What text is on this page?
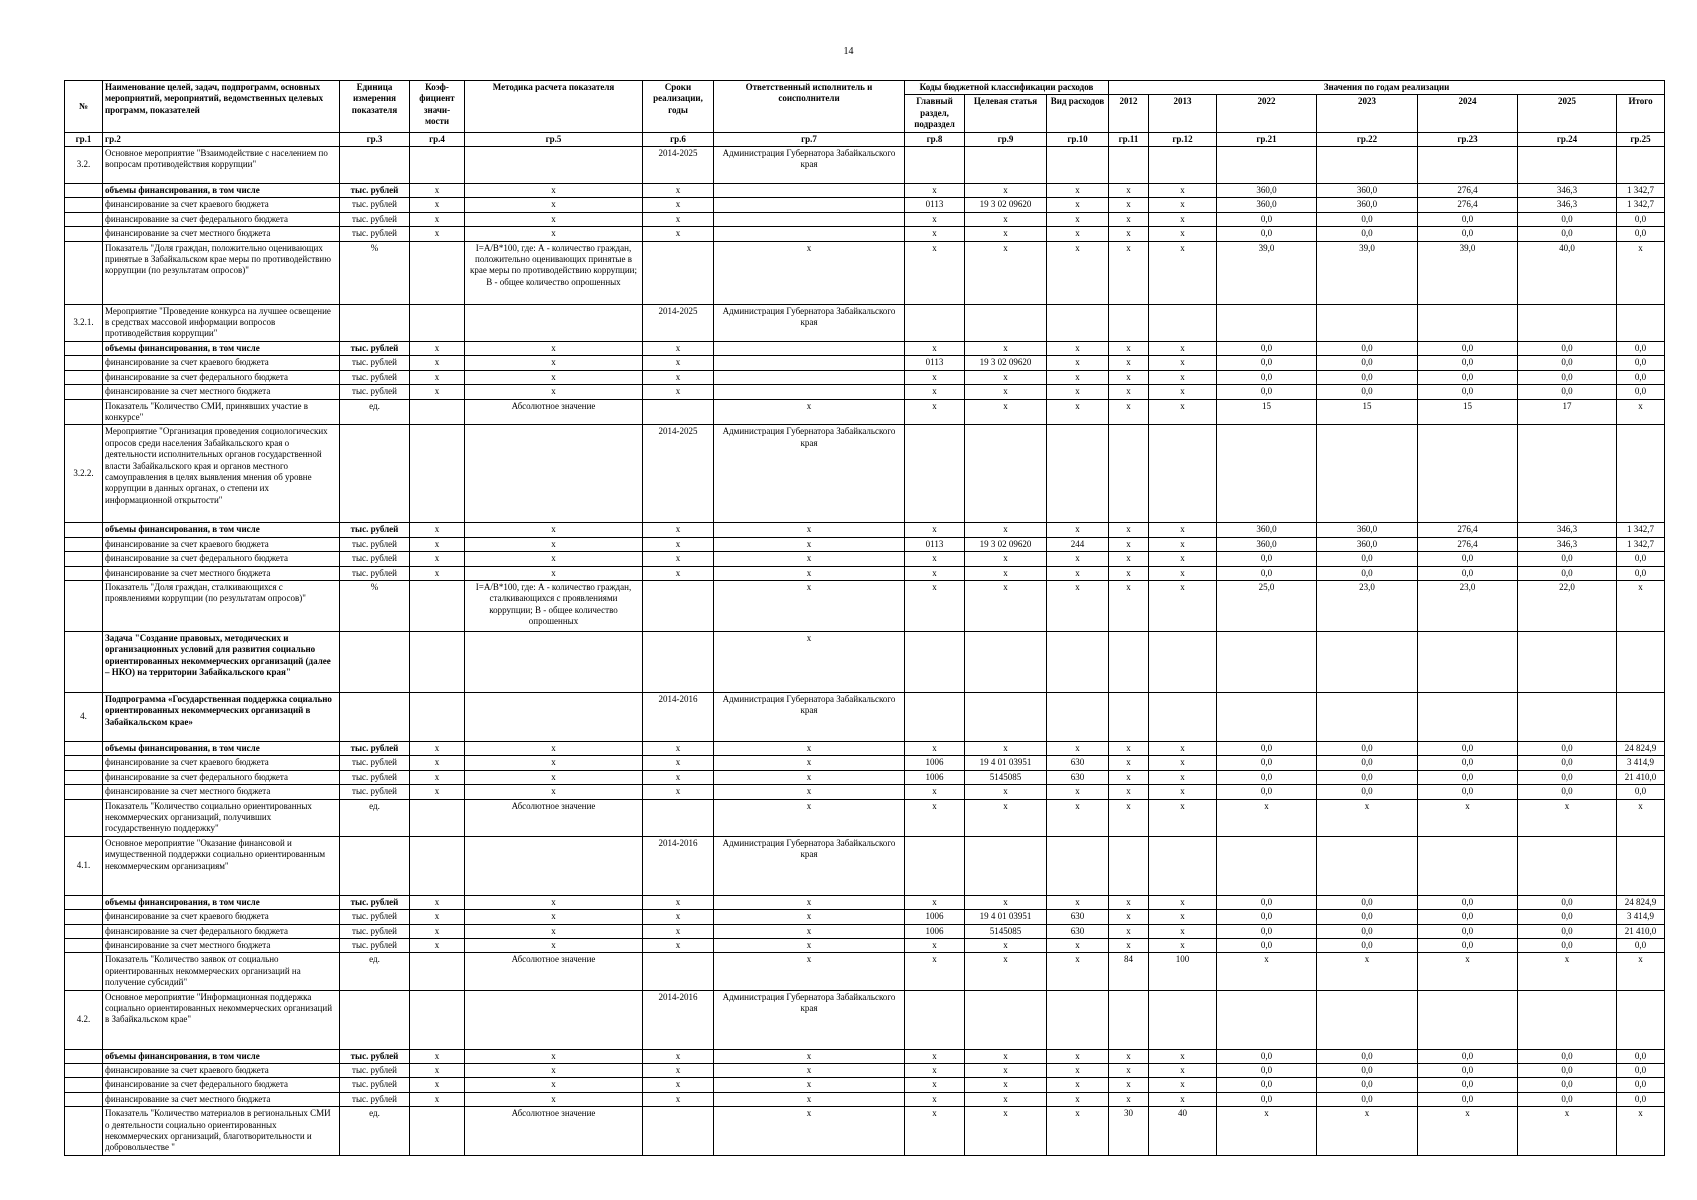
14
№	Наименование целей, задач, подпрограмм, основных мероприятий, мероприятий, ведомственных целевых программ, показателей	Единица измерения показателя	Коэф-фициент значи-мости	Методика расчета показателя	Сроки реализации, годы	Ответственный исполнитель и соисполнители	Коды бюджетной классификации расходов			Значения по годам реализации						
							Главный раздел, подраздел	Целевая статья	Вид расходов	2012	2013	2022	2023	2024	2025	Итого
гр.1	гр.2	гр.3	гр.4	гр.5	гр.6	гр.7	гр.8	гр.9	гр.10	гр.11	гр.12	гр.21	гр.22	гр.23	гр.24	гр.25
3.2.	Основное мероприятие "Взаимодействие с населением по вопросам противодействия коррупции"				2014-2025	Администрация Губернатора Забайкальского края										
	объемы финансирования, в том числе	тыс. рублей	х	х	х		х	х	х	х	х	360,0	360,0	276,4	346,3	1 342,7
	финансирование за счет краевого бюджета	тыс. рублей	х	х	х		0113	19 3 02 09620	х	х	х	360,0	360,0	276,4	346,3	1 342,7
	финансирование за счет федерального бюджета	тыс. рублей	х	х	х		х	х	х	х	х	0,0	0,0	0,0	0,0	0,0
	финансирование за счет местного бюджета	тыс. рублей	х	х	х		х	х	х	х	х	0,0	0,0	0,0	0,0	0,0
	Показатель "Доля граждан, положительно оценивающих принятые в Забайкальском крае меры по противодействию коррупции (по результатам опросов)"	%		I=A/B*100, где: А - количество граждан, положительно оценивающих принятые в крае меры по противодействию коррупции; В - общее количество опрошенных		х	х	х	х	х	х	39,0	39,0	39,0	40,0	х
3.2.1.	Мероприятие "Проведение конкурса на лучшее освещение в средствах массовой информации вопросов противодействия коррупции"				2014-2025	Администрация Губернатора Забайкальского края										
	объемы финансирования, в том числе	тыс. рублей	х	х	х		х	х	х	х	х	0,0	0,0	0,0	0,0	0,0
	финансирование за счет краевого бюджета	тыс. рублей	х	х	х		0113	19 3 02 09620	х	х	х	0,0	0,0	0,0	0,0	0,0
	финансирование за счет федерального бюджета	тыс. рублей	х	х	х		х	х	х	х	х	0,0	0,0	0,0	0,0	0,0
	финансирование за счет местного бюджета	тыс. рублей	х	х	х		х	х	х	х	х	0,0	0,0	0,0	0,0	0,0
	Показатель "Количество СМИ, принявших участие в конкурсе"	ед.		Абсолютное значение		х	х	х	х	х	х	15	15	15	17	х
3.2.2.	Мероприятие "Организация проведения социологических опросов среди населения Забайкальского края о деятельности исполнительных органов государственной власти Забайкальского края и органов местного самоуправления в целях выявления мнения об уровне коррупции в данных органах, о степени их информационной открытости"				2014-2025	Администрация Губернатора Забайкальского края										
	объемы финансирования, в том числе	тыс. рублей	х	х	х	х	х	х	х	х	х	360,0	360,0	276,4	346,3	1 342,7
	финансирование за счет краевого бюджета	тыс. рублей	х	х	х	х	0113	19 3 02 09620	244	х	х	360,0	360,0	276,4	346,3	1 342,7
	финансирование за счет федерального бюджета	тыс. рублей	х	х	х	х	х	х	х	х	х	0,0	0,0	0,0	0,0	0,0
	финансирование за счет местного бюджета	тыс. рублей	х	х	х	х	х	х	х	х	х	0,0	0,0	0,0	0,0	0,0
	Показатель "Доля граждан, сталкивающихся с проявлениями коррупции (по результатам опросов)"	%		I=A/B*100, где: А - количество граждан, сталкивающихся с проявлениями коррупции; В - общее количество опрошенных		х	х	х	х	х	х	25,0	23,0	23,0	22,0	х
	Задача "Создание правовых, методических и организационных условий для развития социально ориентированных некоммерческих организаций (далее – НКО) на территории Забайкальского края"					х										
4.	Подпрограмма «Государственная поддержка социально ориентированных некоммерческих организаций в Забайкальском крае»				2014-2016	Администрация Губернатора Забайкальского края										
	объемы финансирования, в том числе	тыс. рублей	х	х	х	х	х	х	х	х	х	0,0	0,0	0,0	0,0	24 824,9
	финансирование за счет краевого бюджета	тыс. рублей	х	х	х	х	1006	19 4 01 03951	630	х	х	0,0	0,0	0,0	0,0	3 414,9
	финансирование за счет федерального бюджета	тыс. рублей	х	х	х	х	1006	5145085	630	х	х	0,0	0,0	0,0	0,0	21 410,0
	финансирование за счет местного бюджета	тыс. рублей	х	х	х	х	х	х	х	х	х	0,0	0,0	0,0	0,0	0,0
	Показатель "Количество социально ориентированных некоммерческих организаций, получивших государственную поддержку"	ед.		Абсолютное значение		х	х	х	х	х	х	х	х	х	х	х
4.1.	Основное мероприятие "Оказание финансовой и имущественной поддержки социально ориентированным некоммерческим организациям"				2014-2016	Администрация Губернатора Забайкальского края										
	объемы финансирования, в том числе	тыс. рублей	х	х	х	х	х	х	х	х	х	0,0	0,0	0,0	0,0	24 824,9
	финансирование за счет краевого бюджета	тыс. рублей	х	х	х	х	1006	19 4 01 03951	630	х	х	0,0	0,0	0,0	0,0	3 414,9
	финансирование за счет федерального бюджета	тыс. рублей	х	х	х	х	1006	5145085	630	х	х	0,0	0,0	0,0	0,0	21 410,0
	финансирование за счет местного бюджета	тыс. рублей	х	х	х	х	х	х	х	х	х	0,0	0,0	0,0	0,0	0,0
	Показатель "Количество заявок от социально ориентированных некоммерческих организаций на получение субсидий"	ед.		Абсолютное значение		х	х	х	х	84	100	х	х	х	х	х
4.2.	Основное мероприятие "Информационная поддержка социально ориентированных некоммерческих организаций в Забайкальском крае"				2014-2016	Администрация Губернатора Забайкальского края										
	объемы финансирования, в том числе	тыс. рублей	х	х	х	х	х	х	х	х	х	0,0	0,0	0,0	0,0	0,0
	финансирование за счет краевого бюджета	тыс. рублей	х	х	х	х	х	х	х	х	х	0,0	0,0	0,0	0,0	0,0
	финансирование за счет федерального бюджета	тыс. рублей	х	х	х	х	х	х	х	х	х	0,0	0,0	0,0	0,0	0,0
	финансирование за счет местного бюджета	тыс. рублей	х	х	х	х	х	х	х	х	х	0,0	0,0	0,0	0,0	0,0
	Показатель "Количество материалов в региональных СМИ о деятельности социально ориентированных некоммерческих организаций, благотворительности и добровольчестве "	ед.		Абсолютное значение		х	х	х	х	30	40	х	х	х	х	х
